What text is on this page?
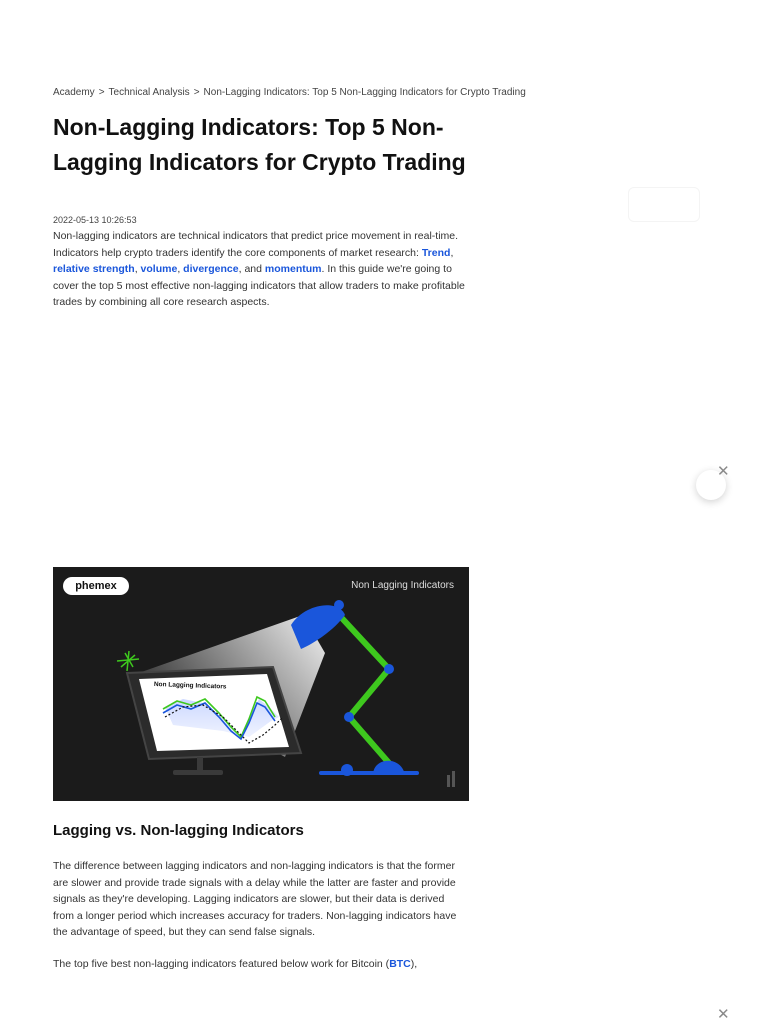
Academy > Technical Analysis > Non-Lagging Indicators: Top 5 Non-Lagging Indicators for Crypto Trading
Non-Lagging Indicators: Top 5 Non-Lagging Indicators for Crypto Trading
2022-05-13 10:26:53

Non-lagging indicators are technical indicators that predict price movement in real-time. Indicators help crypto traders identify the core components of market research: Trend, relative strength, volume, divergence, and momentum. In this guide we're going to cover the top 5 most effective non-lagging indicators that allow traders to make profitable trades by combining all core research aspects.

✕
phemex	Non Lagging Indicators
Non Lagging Indicators
Lagging vs. Non-lagging Indicators

The difference between lagging indicators and non-lagging indicators is that the former are slower and provide trade signals with a delay while the latter are faster and provide signals as they're developing. Lagging indicators are slower, but their data is derived from a longer period which increases accuracy for traders. Non-lagging indicators have the advantage of speed, but they can send false signals.

The top five best non-lagging indicators featured below work for Bitcoin (BTC),

✕
